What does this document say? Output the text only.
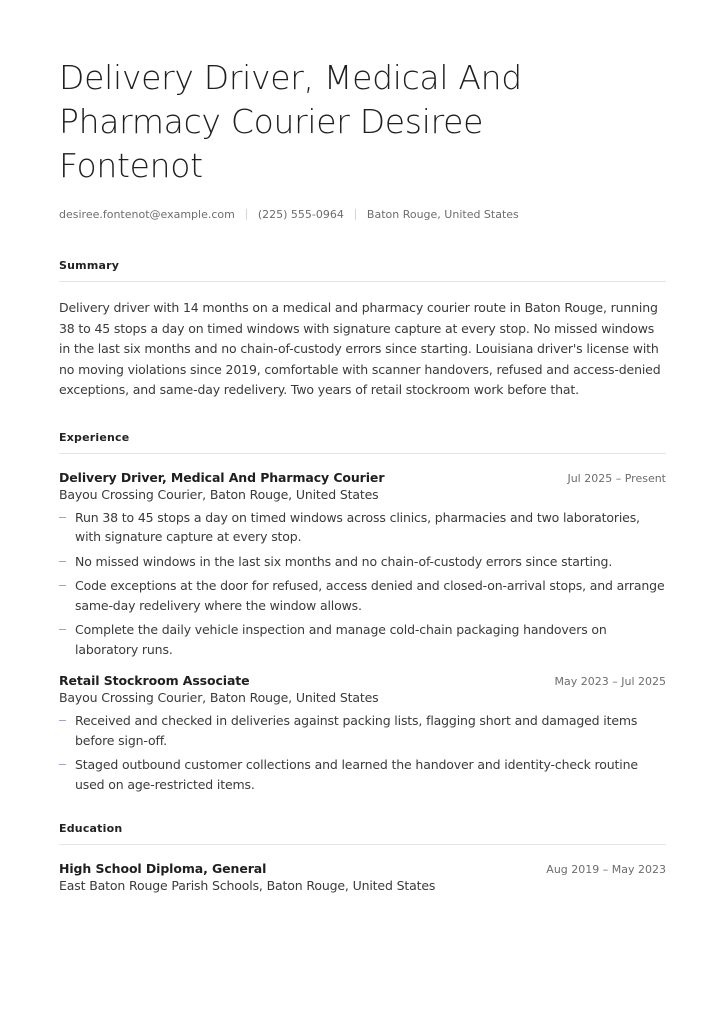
Delivery Driver, Medical And Pharmacy Courier Desiree Fontenot
desiree.fontenot@example.com (225) 555-0964 Baton Rouge, United States
Summary

Delivery driver with 14 months on a medical and pharmacy courier route in Baton Rouge, running 38 to 45 stops a day on timed windows with signature capture at every stop. No missed windows in the last six months and no chain-of-custody errors since starting. Louisiana driver's license with no moving violations since 2019, comfortable with scanner handovers, refused and access-denied exceptions, and same-day redelivery. Two years of retail stockroom work before that.

Experience
Delivery Driver, Medical And Pharmacy Courier	Jul 2025 – Present
Bayou Crossing Courier, Baton Rouge, United States
Run 38 to 45 stops a day on timed windows across clinics, pharmacies and two laboratories, with signature capture at every stop.
No missed windows in the last six months and no chain-of-custody errors since starting.
Code exceptions at the door for refused, access denied and closed-on-arrival stops, and arrange same-day redelivery where the window allows.
Complete the daily vehicle inspection and manage cold-chain packaging handovers on laboratory runs.
Retail Stockroom Associate	May 2023 – Jul 2025
Bayou Crossing Courier, Baton Rouge, United States
Received and checked in deliveries against packing lists, flagging short and damaged items before sign-off.
Staged outbound customer collections and learned the handover and identity-check routine used on age-restricted items.
Education
High School Diploma, General	Aug 2019 – May 2023
East Baton Rouge Parish Schools, Baton Rouge, United States
